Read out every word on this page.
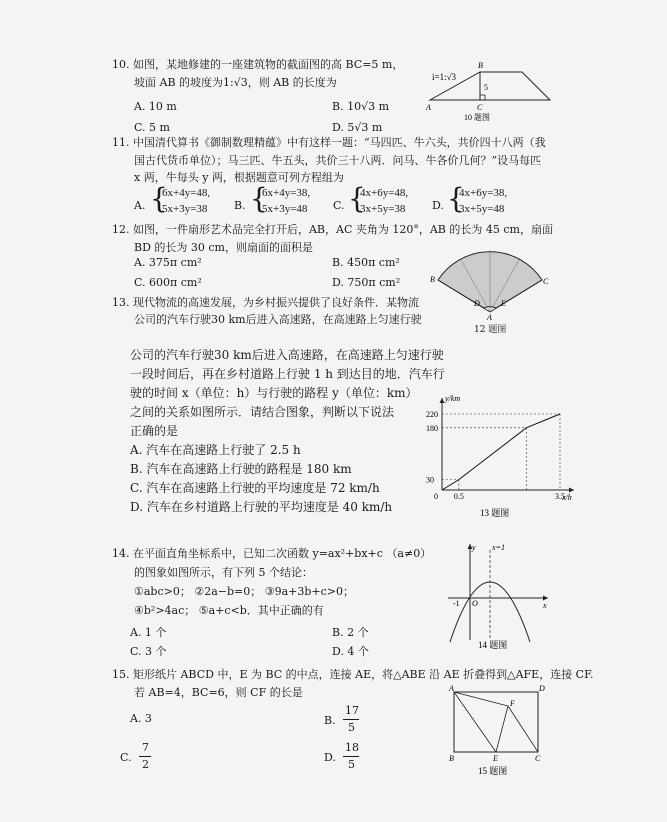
10. 如图，某地修建的一座建筑物的截面图的高 BC=5 m，
坡面 AB 的坡度为1:√3，则 AB 的长度为
A. 10 m	B. 10√3 m
C. 5 m	D. 5√3 m
i=1:√3
A
B
C
5
10 题图
11. 中国清代算书《御制数理精蕴》中有这样一题：“马四匹、牛六头，共价四十八两（我
国古代货币单位）；马三匹、牛五头，共价三十八两．问马、牛各价几何？”设马每匹
x 两，牛每头 y 两，根据题意可列方程组为
A. {
6x+4y=48,
5x+3y=38 B. {
6x+4y=38,
5x+3y=48 C. {
4x+6y=48,
3x+5y=38 D. {
4x+6y=38,
3x+5y=48
12. 如图，一件扇形艺术品完全打开后，AB，AC 夹角为 120°，AB 的长为 45 cm，扇面
BD 的长为 30 cm，则扇面的面积是
A. 375π cm²	B. 450π cm²
C. 600π cm²	D. 750π cm²	B	C
D	E
A
13. 现代物流的高速发展，为乡村振兴提供了良好条件．某物流
公司的汽车行驶30 km后进入高速路，在高速路上匀速行驶
12 题图
公司的汽车行驶30 km后进入高速路，在高速路上匀速行驶
一段时间后，再在乡村道路上行驶 1 h 到达目的地．汽车行
驶的时间 x（单位：h）与行驶的路程 y（单位：km）
之间的关系如图所示．请结合图象，判断以下说法
正确的是
A. 汽车在高速路上行驶了 2.5 h
B. 汽车在高速路上行驶的路程是 180 km
C. 汽车在高速路上行驶的平均速度是 72 km/h
D. 汽车在乡村道路上行驶的平均速度是 40 km/h
y/km
x/h
30
180
220
0 0.5	3.5
13 题图
14. 在平面直角坐标系中，已知二次函数 y=ax²+bx+c （a≠0）
的图象如图所示，有下列 5 个结论：
①abc>0； ②2a−b=0； ③9a+3b+c>0；
④b²>4ac； ⑤a+c<b．其中正确的有
A. 1 个	B. 2 个
C. 3 个	D. 4 个
y x=1
-1 O	x
14 题图
15. 矩形纸片 ABCD 中，E 为 BC 的中点，连接 AE，将△ABE 沿 AE 折叠得到△AFE，连接 CF.
若 AB=4，BC=6，则 CF 的长是
A. 3	B.
17
5
C.
7
2
D.
18
5
A	D
F
B	E	C
15 题图
